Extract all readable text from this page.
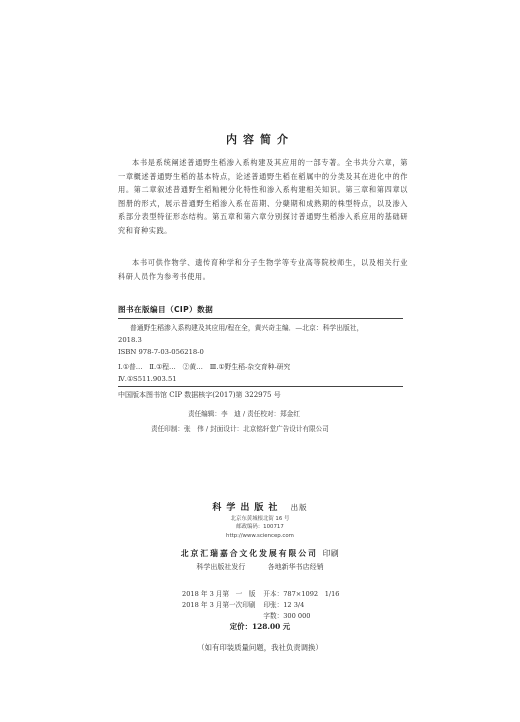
内容简介
本书是系统阐述普通野生稻渗入系构建及其应用的一部专著。全书共分六章，第一章概述普通野生稻的基本特点，论述普通野生稻在稻属中的分类及其在进化中的作用。第二章叙述普通野生稻籼粳分化特性和渗入系构建相关知识。第三章和第四章以图册的形式，展示普通野生稻渗入系在苗期、分蘖期和成熟期的株型特点，以及渗入系部分表型特征形态结构。第五章和第六章分别探讨普通野生稻渗入系应用的基础研究和育种实践。
本书可供作物学、遗传育种学和分子生物学等专业高等院校师生，以及相关行业科研人员作为参考书使用。
图书在版编目（CIP）数据
普通野生稻渗入系构建及其应用/程在全，黄兴奇主编．—北京：科学出版社，
2018.3
ISBN 978-7-03-056218-0
Ⅰ.①普…　Ⅱ.①程…　②黄…　Ⅲ.①野生稻-杂交育种-研究
Ⅳ.①S511.903.51
中国版本图书馆 CIP 数据核字(2017)第 322975 号
责任编辑：李　迪 / 责任校对：郑金红
责任印制：张　伟 / 封面设计：北京铭轩堂广告设计有限公司
科学出版社 出版
北京东黄城根北街 16 号
邮政编码：100717
http://www.sciencep.com
北京汇瑞嘉合文化发展有限公司 印刷
科学出版社发行	各地新华书店经销
2018 年 3 月第　一　版	开本：787×1092　1/16
2018 年 3 月第一次印刷	印张：12 3/4
	字数：300 000
定价：128.00 元
（如有印装质量问题，我社负责调换）
